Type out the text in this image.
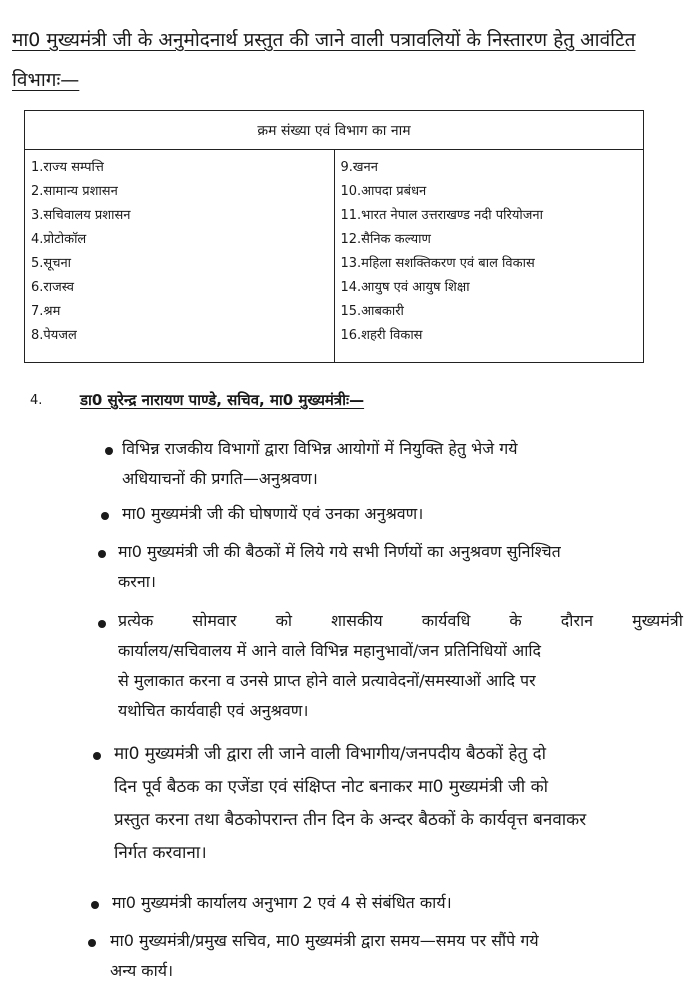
मा0 मुख्यमंत्री जी के अनुमोदनार्थ प्रस्तुत की जाने वाली पत्रावलियों के निस्तारण हेतु आवंटित
विभागः—
क्रम संख्या एवं विभाग का नाम

1.राज्य सम्पत्ति
2.सामान्य प्रशासन
3.सचिवालय प्रशासन
4.प्रोटोकॉल
5.सूचना
6.राजस्व
7.श्रम
8.पेयजल

9.खनन
10.आपदा प्रबंधन
11.भारत नेपाल उत्तराखण्ड नदी परियोजना
12.सैनिक कल्याण
13.महिला सशक्तिकरण एवं बाल विकास
14.आयुष एवं आयुष शिक्षा
15.आबकारी
16.शहरी विकास
4.	डा0 सुरेन्द्र नारायण पाण्डे, सचिव, मा0 मुख्यमंत्रीः—
विभिन्न राजकीय विभागों द्वारा विभिन्न आयोगों में नियुक्ति हेतु भेजे गये
अधियाचनों की प्रगति—अनुश्रवण।
मा0 मुख्यमंत्री जी की घोषणायें एवं उनका अनुश्रवण।
मा0 मुख्यमंत्री जी की बैठकों में लिये गये सभी निर्णयों का अनुश्रवण सुनिश्चित
करना।
प्रत्येक सोमवार को शासकीय कार्यवधि के दौरान मुख्यमंत्री
कार्यालय/सचिवालय में आने वाले विभिन्न महानुभावों/जन प्रतिनिधियों आदि
से मुलाकात करना व उनसे प्राप्त होने वाले प्रत्यावेदनों/समस्याओं आदि पर
यथोचित कार्यवाही एवं अनुश्रवण।
मा0 मुख्यमंत्री जी द्वारा ली जाने वाली विभागीय/जनपदीय बैठकों हेतु दो
दिन पूर्व बैठक का एजेंडा एवं संक्षिप्त नोट बनाकर मा0 मुख्यमंत्री जी को
प्रस्तुत करना तथा बैठकोपरान्त तीन दिन के अन्दर बैठकों के कार्यवृत्त बनवाकर
निर्गत करवाना।
मा0 मुख्यमंत्री कार्यालय अनुभाग 2 एवं 4 से संबंधित कार्य।
मा0 मुख्यमंत्री/प्रमुख सचिव, मा0 मुख्यमंत्री द्वारा समय—समय पर सौंपे गये
अन्य कार्य।
